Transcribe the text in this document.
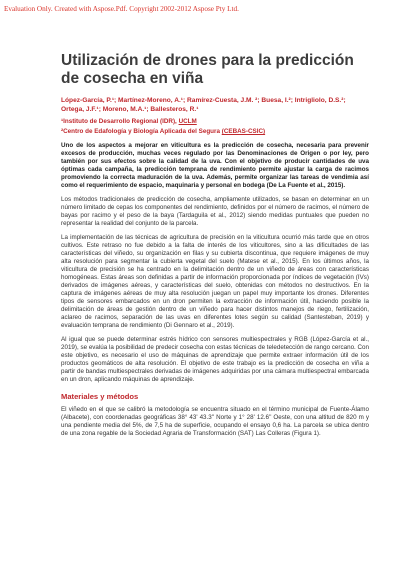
Evaluation Only. Created with Aspose.Pdf. Copyright 2002-2012 Aspose Pty Ltd.
Utilización de drones para la predicción de cosecha en viña
López-García, P.¹; Martínez-Moreno, A.¹; Ramírez-Cuesta, J.M. ²; Buesa, I.²; Intrigliolo, D.S.²; Ortega, J.F.¹; Moreno, M.A.¹; Ballesteros, R.¹
¹Instituto de Desarrollo Regional (IDR), UCLM
²Centro de Edafología y Biología Aplicada del Segura (CEBAS-CSIC)

Uno de los aspectos a mejorar en viticultura es la predicción de cosecha, necesaria para prevenir excesos de producción, muchas veces regulado por las Denominaciones de Origen o por ley, pero también por sus efectos sobre la calidad de la uva. Con el objetivo de producir cantidades de uva óptimas cada campaña, la predicción temprana de rendimiento permite ajustar la carga de racimos promoviendo la correcta maduración de la uva. Además, permite organizar las tareas de vendimia así como el requerimiento de espacio, maquinaria y personal en bodega (De La Fuente et al., 2015).

Los métodos tradicionales de predicción de cosecha, ampliamente utilizados, se basan en determinar en un número limitado de cepas los componentes del rendimiento, definidos por el número de racimos, el número de bayas por racimo y el peso de la baya (Tardaguila et al., 2012) siendo medidas puntuales que pueden no representar la realidad del conjunto de la parcela.

La implementación de las técnicas de agricultura de precisión en la viticultura ocurrió más tarde que en otros cultivos. Este retraso no fue debido a la falta de interés de los viticultores, sino a las dificultades de las características del viñedo, su organización en filas y su cubierta discontinua, que requiere imágenes de muy alta resolución para segmentar la cubierta vegetal del suelo (Matese et al., 2015). En los últimos años, la viticultura de precisión se ha centrado en la delimitación dentro de un viñedo de áreas con características homogéneas. Estas áreas son definidas a partir de información proporcionada por índices de vegetación (IVs) derivados de imágenes aéreas, y características del suelo, obtenidas con métodos no destructivos. En la captura de imágenes aéreas de muy alta resolución juegan un papel muy importante los drones. Diferentes tipos de sensores embarcados en un dron permiten la extracción de información útil, haciendo posible la delimitación de áreas de gestión dentro de un viñedo para hacer distintos manejos de riego, fertilización, aclareo de racimos, separación de las uvas en diferentes lotes según su calidad (Santesteban, 2019) y evaluación temprana de rendimiento (Di Gennaro et al., 2019).

Al igual que se puede determinar estrés hídrico con sensores multiespectrales y RGB (López-García et al., 2019), se evalúa la posibilidad de predecir cosecha con estas técnicas de teledetección de rango cercano. Con este objetivo, es necesario el uso de máquinas de aprendizaje que permite extraer información útil de los productos geomáticos de alta resolución. El objetivo de este trabajo es la predicción de cosecha en viña a partir de bandas multiespectrales derivadas de imágenes adquiridas por una cámara multiespectral embarcada en un dron, aplicando máquinas de aprendizaje.

Materiales y métodos

El viñedo en el que se calibró la metodología se encuentra situado en el término municipal de Fuente-Álamo (Albacete), con coordenadas geográficas 38° 43' 43.3'' Norte y 1° 28' 12.6'' Oeste, con una altitud de 820 m y una pendiente media del 5%, de 7,5 ha de superficie, ocupando el ensayo 0,6 ha. La parcela se ubica dentro de una zona regable de la Sociedad Agraria de Transformación (SAT) Las Colleras (Figura 1).
